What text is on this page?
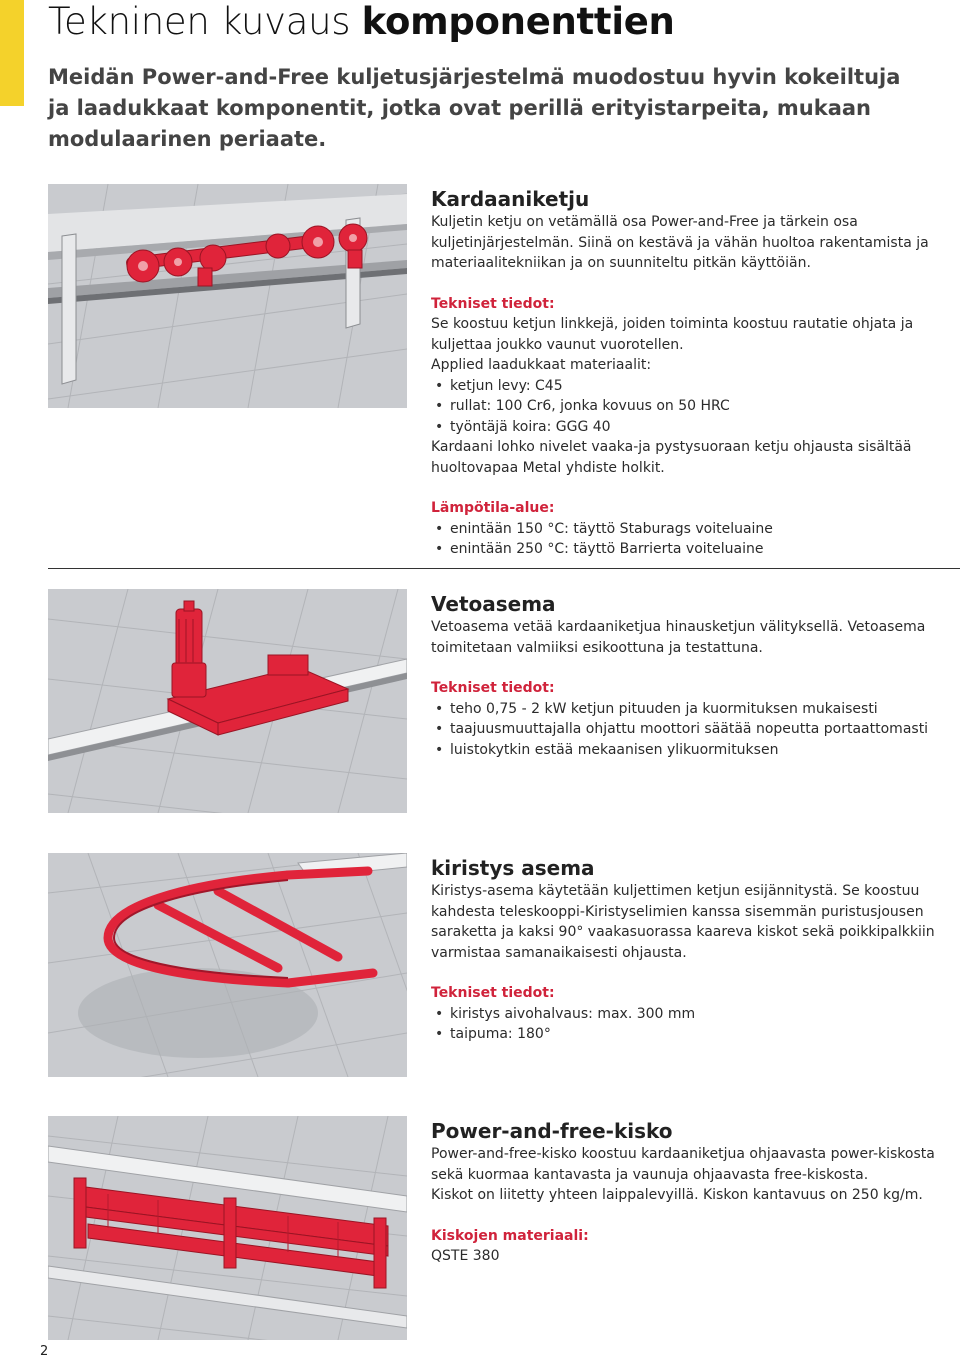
Tekninen kuvaus komponenttien

Meidän Power-and-Free kuljetusjärjestelmä muodostuu hyvin kokeiltuja ja laadukkaat komponentit, jotka ovat perillä erityistarpeita, mukaan modulaarinen periaate.

Kardaaniketju

Kuljetin ketju on vetämällä osa Power-and-Free ja tärkein osa kuljetinjärjestelmän. Siinä on kestävä ja vähän huoltoa rakentamista ja materiaalitekniikan ja on suunniteltu pitkän käyttöiän.

Tekniset tiedot:

Se koostuu ketjun linkkejä, joiden toiminta koostuu rautatie ohjata ja kuljettaa joukko vaunut vuorotellen.

Applied laadukkaat materiaalit:

• ketjun levy: C45
• rullat: 100 Cr6, jonka kovuus on 50 HRC
• työntäjä koira: GGG 40

Kardaani lohko nivelet vaaka-ja pystysuoraan ketju ohjausta sisältää huoltovapaa Metal yhdiste holkit.

Lämpötila-alue:
• enintään 150 °C: täyttö Staburags voiteluaine
• enintään 250 °C: täyttö Barrierta voiteluaine
Vetoasema

Vetoasema vetää kardaaniketjua hinausketjun välityksellä. Vetoasema toimitetaan valmiiksi esikoottuna ja testattuna.

Tekniset tiedot:
• teho 0,75 - 2 kW ketjun pituuden ja kuormituksen mukaisesti
• taajuusmuuttajalla ohjattu moottori säätää nopeutta portaattomasti
• luistokytkin estää mekaanisen ylikuormituksen
kiristys asema

Kiristys-asema käytetään kuljettimen ketjun esijännitystä. Se koostuu kahdesta teleskooppi-Kiristyselimien kanssa sisemmän puristusjousen saraketta ja kaksi 90° vaakasuorassa kaareva kiskot sekä poikkipalkkiin varmistaa samanaikaisesti ohjausta.

Tekniset tiedot:
• kiristys aivohalvaus: max. 300 mm
• taipuma: 180°
Power-and-free-kisko

Power-and-free-kisko koostuu kardaaniketjua ohjaavasta power-kiskosta sekä kuormaa kantavasta ja vaunuja ohjaavasta free-kiskosta.

Kiskot on liitetty yhteen laippalevyillä. Kiskon kantavuus on 250 kg/m.

Kiskojen materiaali:

QSTE 380

2
